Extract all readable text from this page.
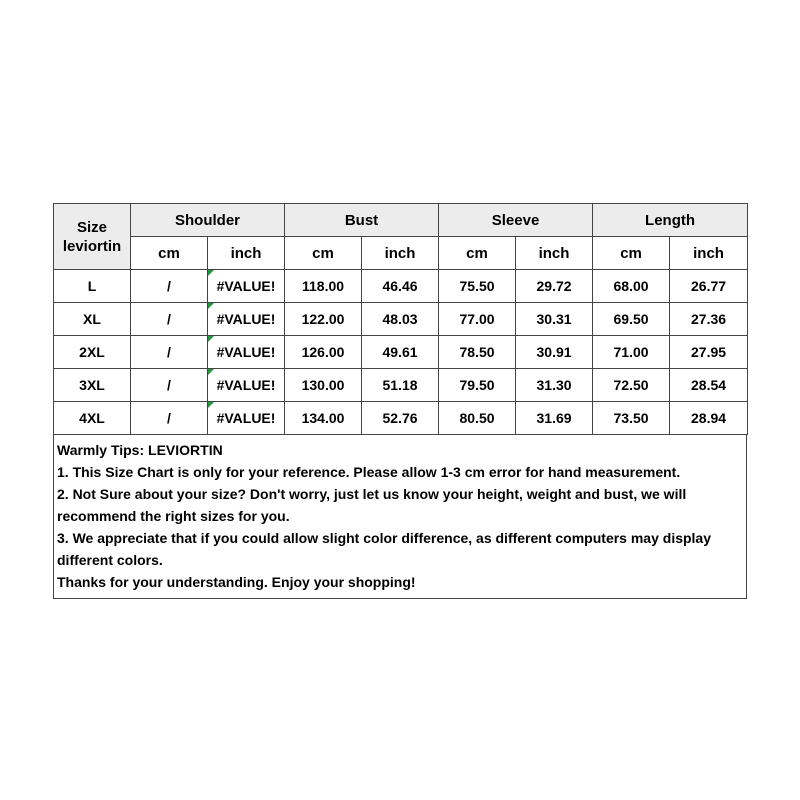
Size
leviortin	Shoulder		Bust		Sleeve		Length	
	cm	inch	cm	inch	cm	inch	cm	inch
L	/	#VALUE!	118.00	46.46	75.50	29.72	68.00	26.77
XL	/	#VALUE!	122.00	48.03	77.00	30.31	69.50	27.36
2XL	/	#VALUE!	126.00	49.61	78.50	30.91	71.00	27.95
3XL	/	#VALUE!	130.00	51.18	79.50	31.30	72.50	28.54
4XL	/	#VALUE!	134.00	52.76	80.50	31.69	73.50	28.94
Warmly Tips: LEVIORTIN
1. This Size Chart is only for your reference. Please allow 1-3 cm error for hand measurement.
2. Not Sure about your size? Don't worry, just let us know your height, weight and bust, we will recommend the right sizes for you.
3. We appreciate that if you could allow slight color difference, as different computers may display different colors.
Thanks for your understanding. Enjoy your shopping!
